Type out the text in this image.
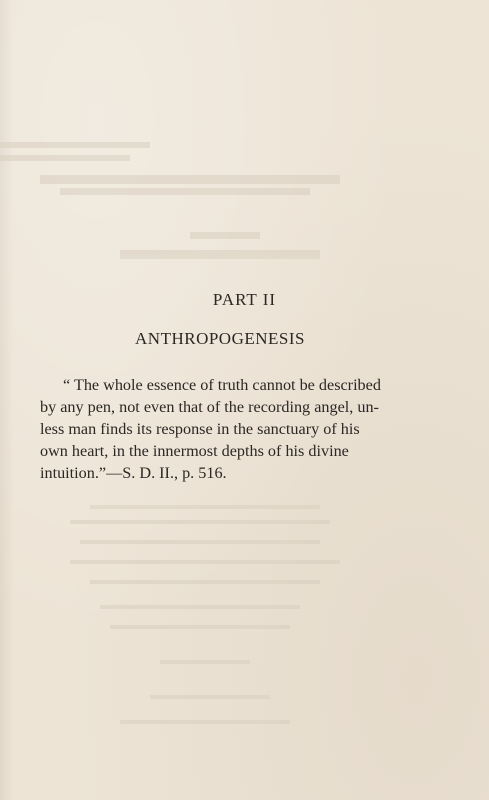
PART II
ANTHROPOGENESIS
“ The whole essence of truth cannot be described
by any pen, not even that of the recording angel, un-
less man finds its response in the sanctuary of his
own heart, in the innermost depths of his divine
intuition.”—S. D. II., p. 516.
